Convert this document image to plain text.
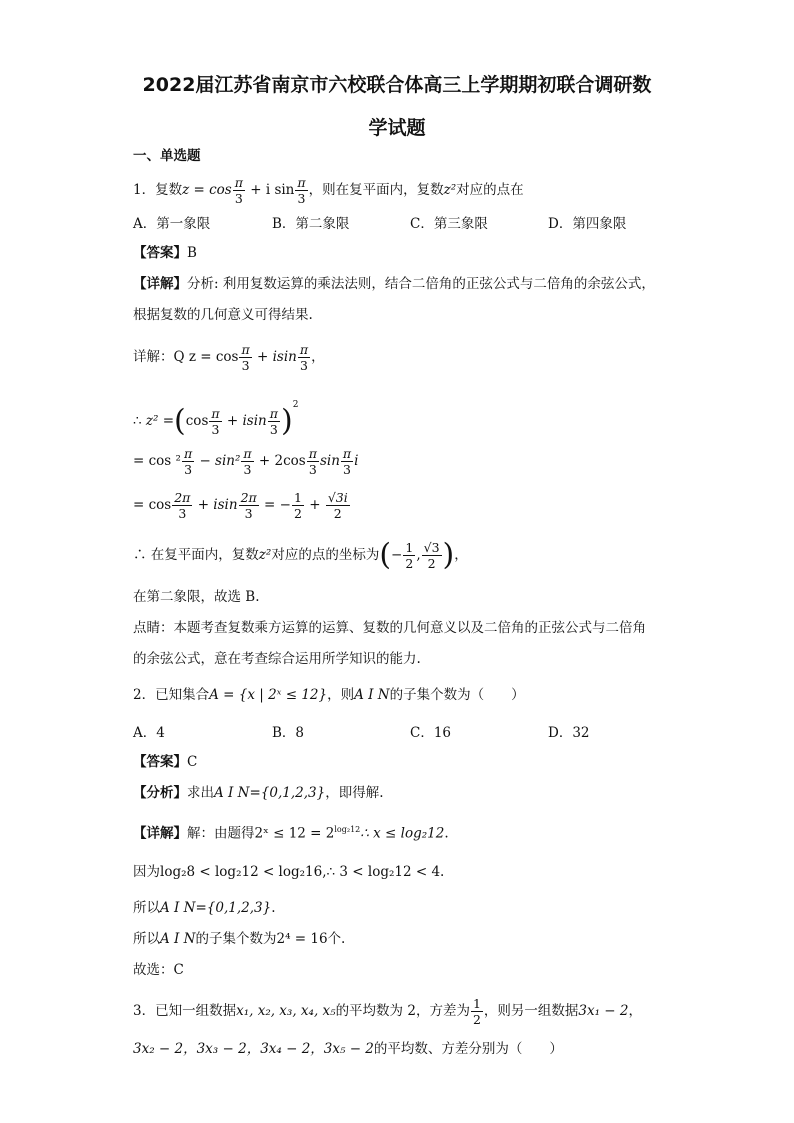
2022届江苏省南京市六校联合体高三上学期期初联合调研数
学试题
一、单选题
1．复数$z = \cos \frac{\pi}{3} + i$ $\sin \frac{\pi}{3}$ ，则在复平面内，复数z²对应的点在
A．第一象限	B．第二象限	C．第三象限	D．第四象限
【答案】B
【详解】分析: 利用复数运算的乘法法则，结合二倍角的正弦公式与二倍角的余弦公式，
根据复数的几何意义可得结果.
详解：Q $z = \cos \frac{\pi}{3} + isin \frac{\pi}{3}$ ，
∴ $z^2 =(\cos \frac{\pi}{3} + isin \frac{\pi}{3} )^2$
= $\cos ^2 \frac{\pi}{3} - \sin^2 \frac{\pi}{3} + 2\cos \frac{\pi}{3}$ $\sin \frac{\pi}{3}$ i
= $\cos \frac{2\pi}{3} + isin \frac{2\pi}{3}$ = − $\frac{1}{2} + \frac{√3i}{2}$
∴ 在复平面内，复数z²对应的点的坐标为(− $\frac{1}{2}$ , $\frac{√3}{2}$ )，
在第二象限，故选 B.
点睛：本题考查复数乘方运算的运算、复数的几何意义以及二倍角的正弦公式与二倍角
的余弦公式，意在考查综合运用所学知识的能力.
2．已知集合A = {x | 2ˣ ≤ 12}，则A I N的子集个数为（　　）
A．4	B．8	C．16	D．32
【答案】C
【分析】求出A I N={0,1,2,3}，即得解.
【详解】解：由题得2ˣ ≤ $12 = 2^{log_212}\therefore$ x ≤ log₂12.
因为log₂8 < log₂12 < log₂16,∴ 3 < log₂12 < 4.
所以A I N={0,1,2,3}.
所以A I N的子集个数为2⁴ = 16个.
故选：C
3．已知一组数据x₁, x₂, x₃, x₄, x₅的平均数为 2，方差为 $\frac{1}{2}$ ，则另一组数据3x₁ − 2，
3x₂ − 2，3x₃ − 2，3x₄ − 2，3x₅ − 2的平均数、方差分别为（　　）
